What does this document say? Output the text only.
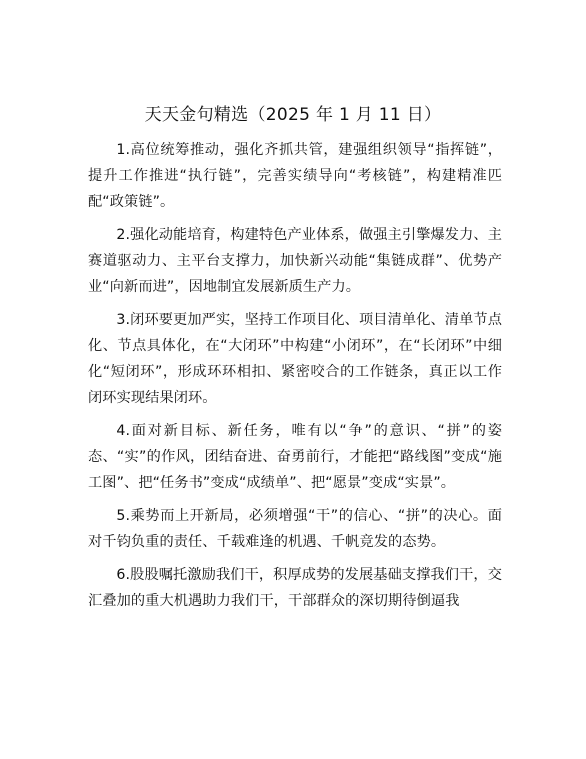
天天金句精选（2025 年 1 月 11 日）

1.高位统筹推动，强化齐抓共管，建强组织领导“指挥链”，提升工作推进“执行链”，完善实绩导向“考核链”，构建精准匹配“政策链”。

2.强化动能培育，构建特色产业体系，做强主引擎爆发力、主赛道驱动力、主平台支撑力，加快新兴动能“集链成群”、优势产业“向新而进”，因地制宜发展新质生产力。

3.闭环要更加严实，坚持工作项目化、项目清单化、清单节点化、节点具体化，在“大闭环”中构建“小闭环”，在“长闭环”中细化“短闭环”，形成环环相扣、紧密咬合的工作链条，真正以工作闭环实现结果闭环。

4.面对新目标、新任务，唯有以“争”的意识、“拼”的姿态、“实”的作风，团结奋进、奋勇前行，才能把“路线图”变成“施工图”、把“任务书”变成“成绩单”、把“愿景”变成“实景”。

5.乘势而上开新局，必须增强“干”的信心、“拼”的决心。面对千钧负重的责任、千载难逢的机遇、千帆竞发的态势。

6.股股嘱托激励我们干，积厚成势的发展基础支撑我们干，交汇叠加的重大机遇助力我们干，干部群众的深切期待倒逼我
